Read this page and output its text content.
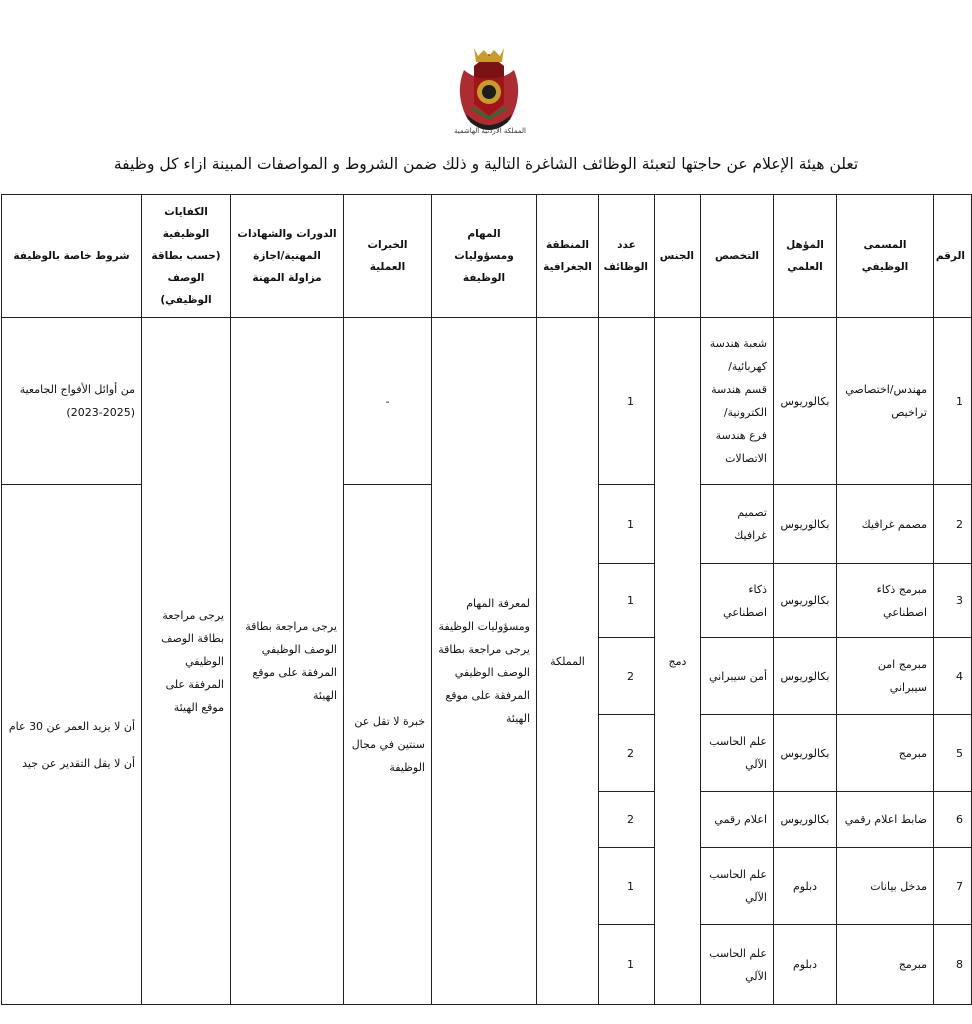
المملكة الأردنية الهاشمية
تعلن هيئة الإعلام عن حاجتها لتعبئة الوظائف الشاغرة التالية و ذلك ضمن الشروط و المواصفات المبينة ازاء كل وظيفة
الرقم	المسمى الوظيفي	المؤهل العلمي	التخصص	الجنس	عدد الوظائف	المنطقة الجغرافية	المهام ومسؤوليات الوظيفة	الخبرات العملية	الدورات والشهادات المهنية/اجازة مزاولة المهنة	الكفايات الوظيفية (حسب بطاقة الوصف الوظيفي)	شروط خاصة بالوظيفة
1	مهندس/اختصاصي تراخيص	بكالوريوس	شعبة هندسة كهربائية/ قسم هندسة الكترونية/ فرع هندسة الاتصالات	دمج	1	المملكة	لمعرفة المهام ومسؤوليات الوظيفة يرجى مراجعة بطاقة الوصف الوظيفي المرفقة على موقع الهيئة	-	يرجى مراجعة بطاقة الوصف الوظيفي المرفقة على موقع الهيئة	يرجى مراجعة بطاقة الوصف الوظيفي المرفقة على موقع الهيئة	من أوائل الأفواج الجامعية (2025-2023)
2	مصمم غرافيك	بكالوريوس	تصميم غرافيك		1			خبرة لا تقل عن سنتين في مجال الوظيفة			أن لا يزيد العمر عن 30 عام
أن لا يقل التقدير عن جيد

3	مبرمج ذكاء اصطناعي	بكالوريوس	ذكاء اصطناعي		1						
4	مبرمج امن سيبراني	بكالوريوس	أمن سيبراني		2						
5	مبرمج	بكالوريوس	علم الحاسب الآلي		2						
6	ضابط اعلام رقمي	بكالوريوس	اعلام رقمي		2						
7	مدخل بيانات	دبلوم	علم الحاسب الآلي		1						
8	مبرمج	دبلوم	علم الحاسب الآلي		1						
